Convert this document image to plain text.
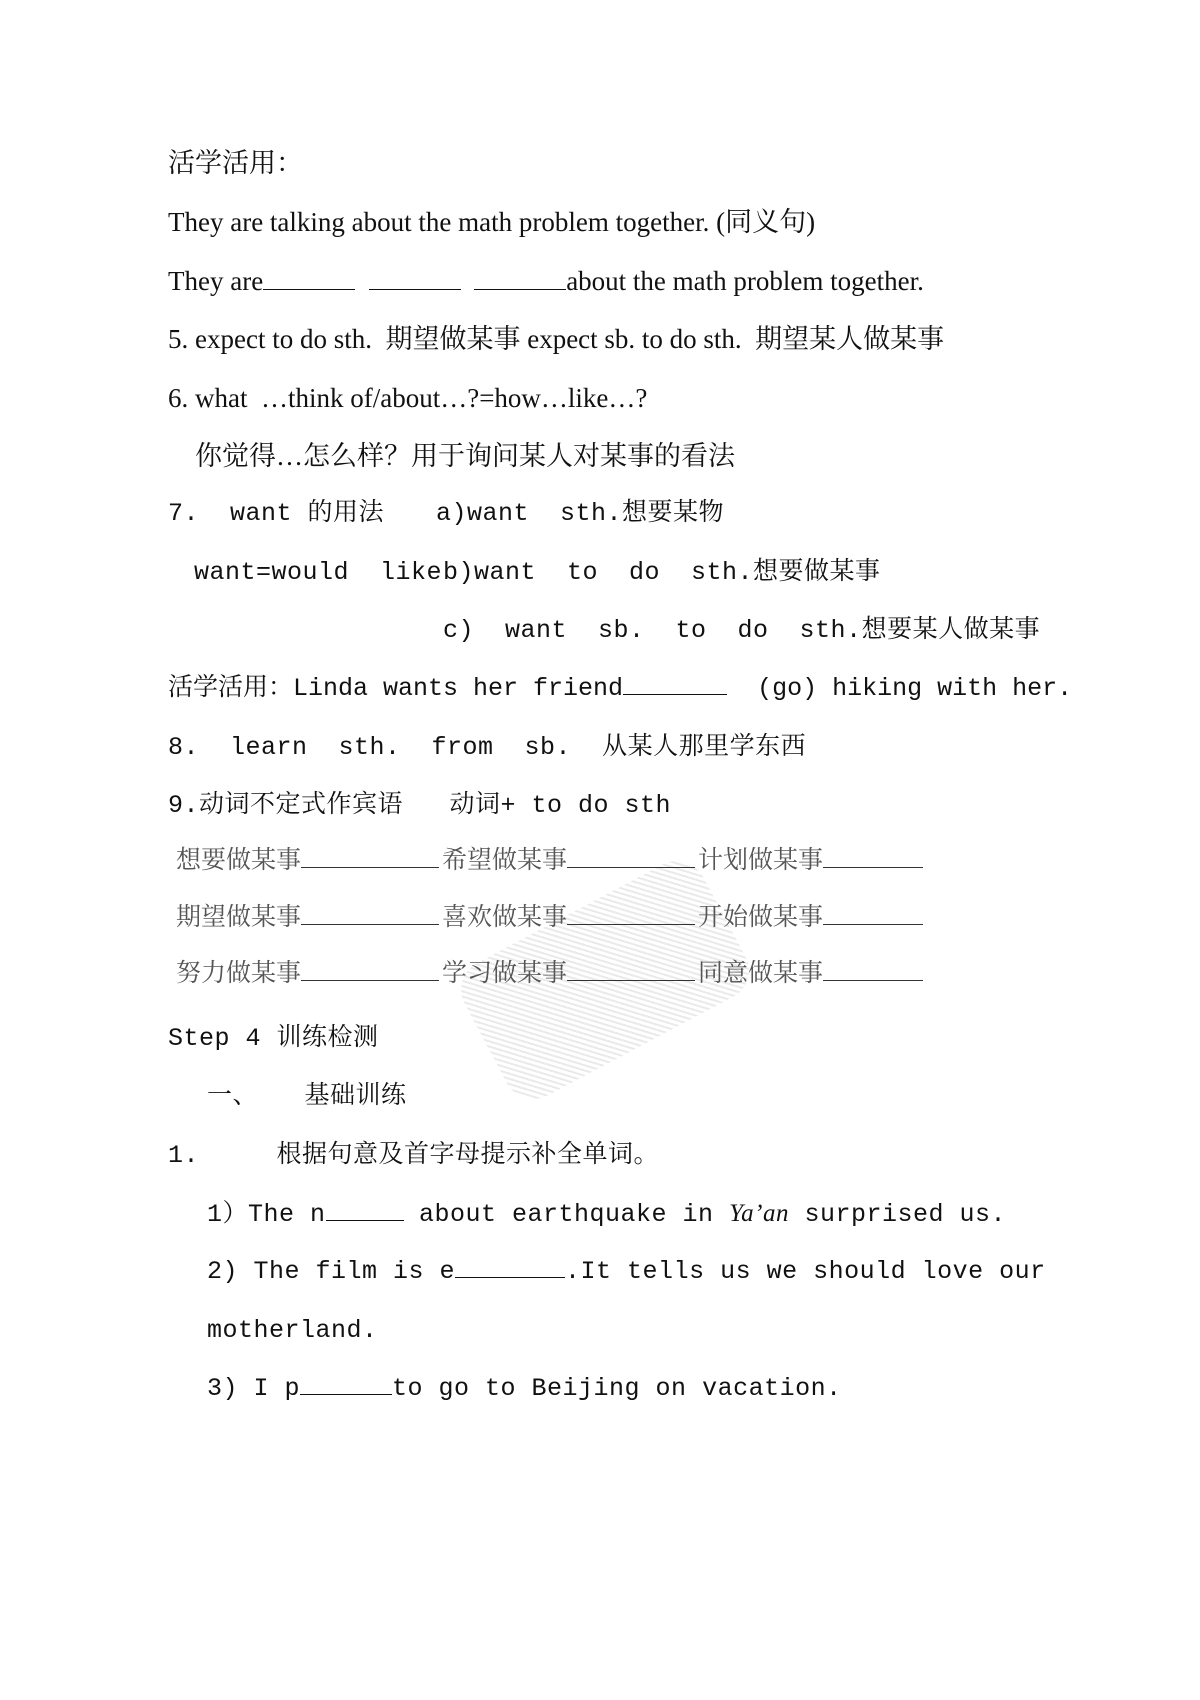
活学活用：
They are talking about the math problem together. (同义句)
They are	about the math problem together.
5. expect to do sth.  期望做某事 expect sb. to do sth.  期望某人做某事
6. what  …think of/about…?=how…like…?
你觉得…怎么样？用于询问某人对某事的看法
7.  want 的用法 a)want  sth.想要某物
want=would  like b)want  to  do  sth.想要做某事
c)  want  sb.  to  do  sth.想要某人做某事
活学活用：Linda wants her friend	(go) hiking with her.
8.  learn  sth.  from  sb.  从某人那里学东西
9.动词不定式作宾语   动词+ to do sth
想要做某事	希望做某事	计划做某事
期望做某事	喜欢做某事	开始做某事
努力做某事	学习做某事	同意做某事
Step 4 训练检测
一、   基础训练
1.     根据句意及首字母提示补全单词。
1）The n	about earthquake in Ya’an surprised us.
2) The film is e	.It tells us we should love our
motherland.
3) I p	to go to Beijing on vacation.
